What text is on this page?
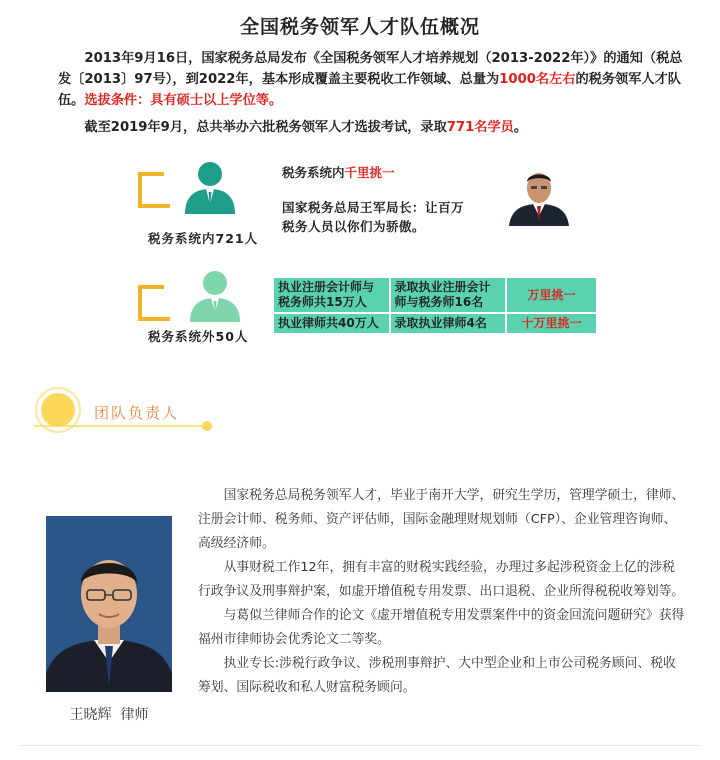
全国税务领军人才队伍概况

2013年9月16日，国家税务总局发布《全国税务领军人才培养规划（2013-2022年）》的通知（税总发〔2013〕97号），到2022年，基本形成覆盖主要税收工作领域、总量为1000名左右的税务领军人才队伍。选拔条件：具有硕士以上学位等。

截至2019年9月，总共举办六批税务领军人才选拔考试，录取771名学员。

税务系统内721人
税务系统内千里挑一
国家税务总局王军局长：让百万税务人员以你们为骄傲。
税务系统外50人
执业注册会计师与税务师共15万人	录取执业注册会计师与税务师16名	万里挑一
执业律师共40万人	录取执业律师4名	十万里挑一
团队负责人
王晓辉  律师

国家税务总局税务领军人才，毕业于南开大学，研究生学历，管理学硕士，律师、注册会计师、税务师、资产评估师，国际金融理财规划师（CFP）、企业管理咨询师、高级经济师。

从事财税工作12年，拥有丰富的财税实践经验，办理过多起涉税资金上亿的涉税行政争议及刑事辩护案，如虚开增值税专用发票、出口退税、企业所得税税收筹划等。

与葛似兰律师合作的论文《虚开增值税专用发票案件中的资金回流问题研究》获得福州市律师协会优秀论文二等奖。

执业专长:涉税行政争议、涉税刑事辩护、大中型企业和上市公司税务顾问、税收筹划、国际税收和私人财富税务顾问。
